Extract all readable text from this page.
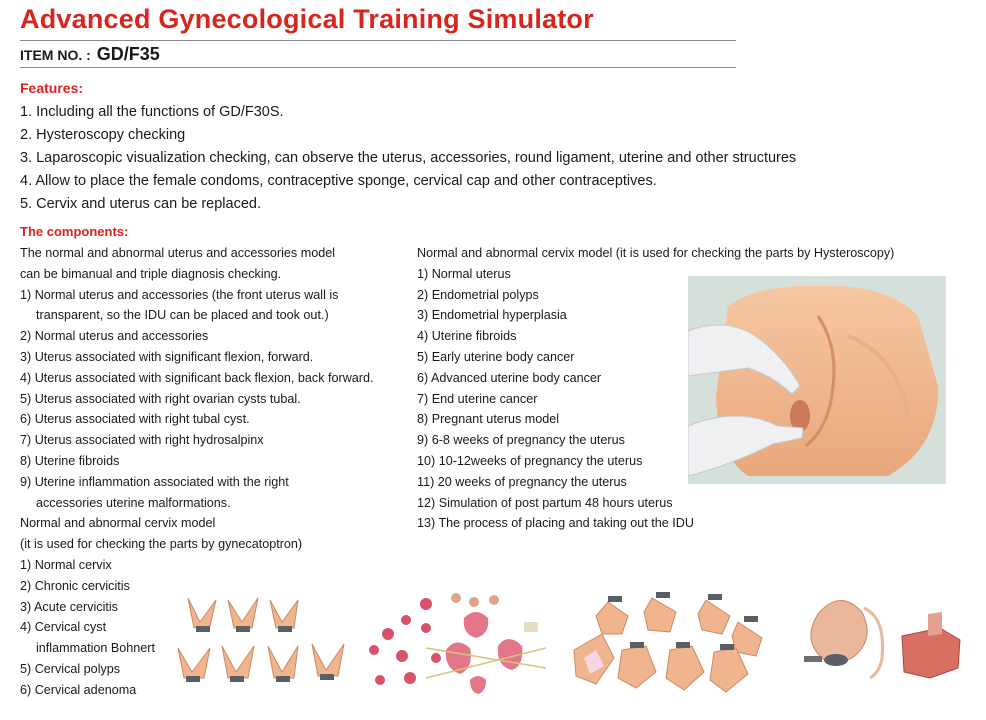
Advanced Gynecological Training Simulator
ITEM NO. : GD/F35
Features:
1. Including all the functions of GD/F30S.
2. Hysteroscopy checking
3. Laparoscopic visualization checking, can observe the uterus, accessories, round ligament, uterine and other structures
4. Allow to place the female condoms, contraceptive sponge, cervical cap and other contraceptives.
5. Cervix and uterus can be replaced.
The components:
The normal and abnormal uterus and accessories model
can be bimanual and triple diagnosis checking.
1) Normal uterus and accessories (the front uterus wall is
transparent, so the IDU can be placed and took out.)
2) Normal uterus and accessories
3) Uterus associated with significant flexion, forward.
4) Uterus associated with significant back flexion, back forward.
5) Uterus associated with right ovarian cysts tubal.
6) Uterus associated with right tubal cyst.
7) Uterus associated with right hydrosalpinx
8) Uterine fibroids
9) Uterine inflammation associated with the right
accessories uterine malformations.
Normal and abnormal cervix model
(it is used for checking the parts by gynecatoptron)
1) Normal cervix
2) Chronic cervicitis
3) Acute cervicitis
4) Cervical cyst
inflammation Bohnert
5) Cervical polyps
6) Cervical adenoma
Normal and abnormal cervix model (it is used for checking the parts by Hysteroscopy)
1) Normal uterus
2) Endometrial polyps
3) Endometrial hyperplasia
4) Uterine fibroids
5) Early uterine body cancer
6) Advanced uterine body cancer
7) End uterine cancer
8) Pregnant uterus model
9) 6-8 weeks of pregnancy the uterus
10) 10-12weeks of pregnancy the uterus
11) 20 weeks of pregnancy the uterus
12) Simulation of post partum 48 hours uterus
13) The process of placing and taking out the IDU
